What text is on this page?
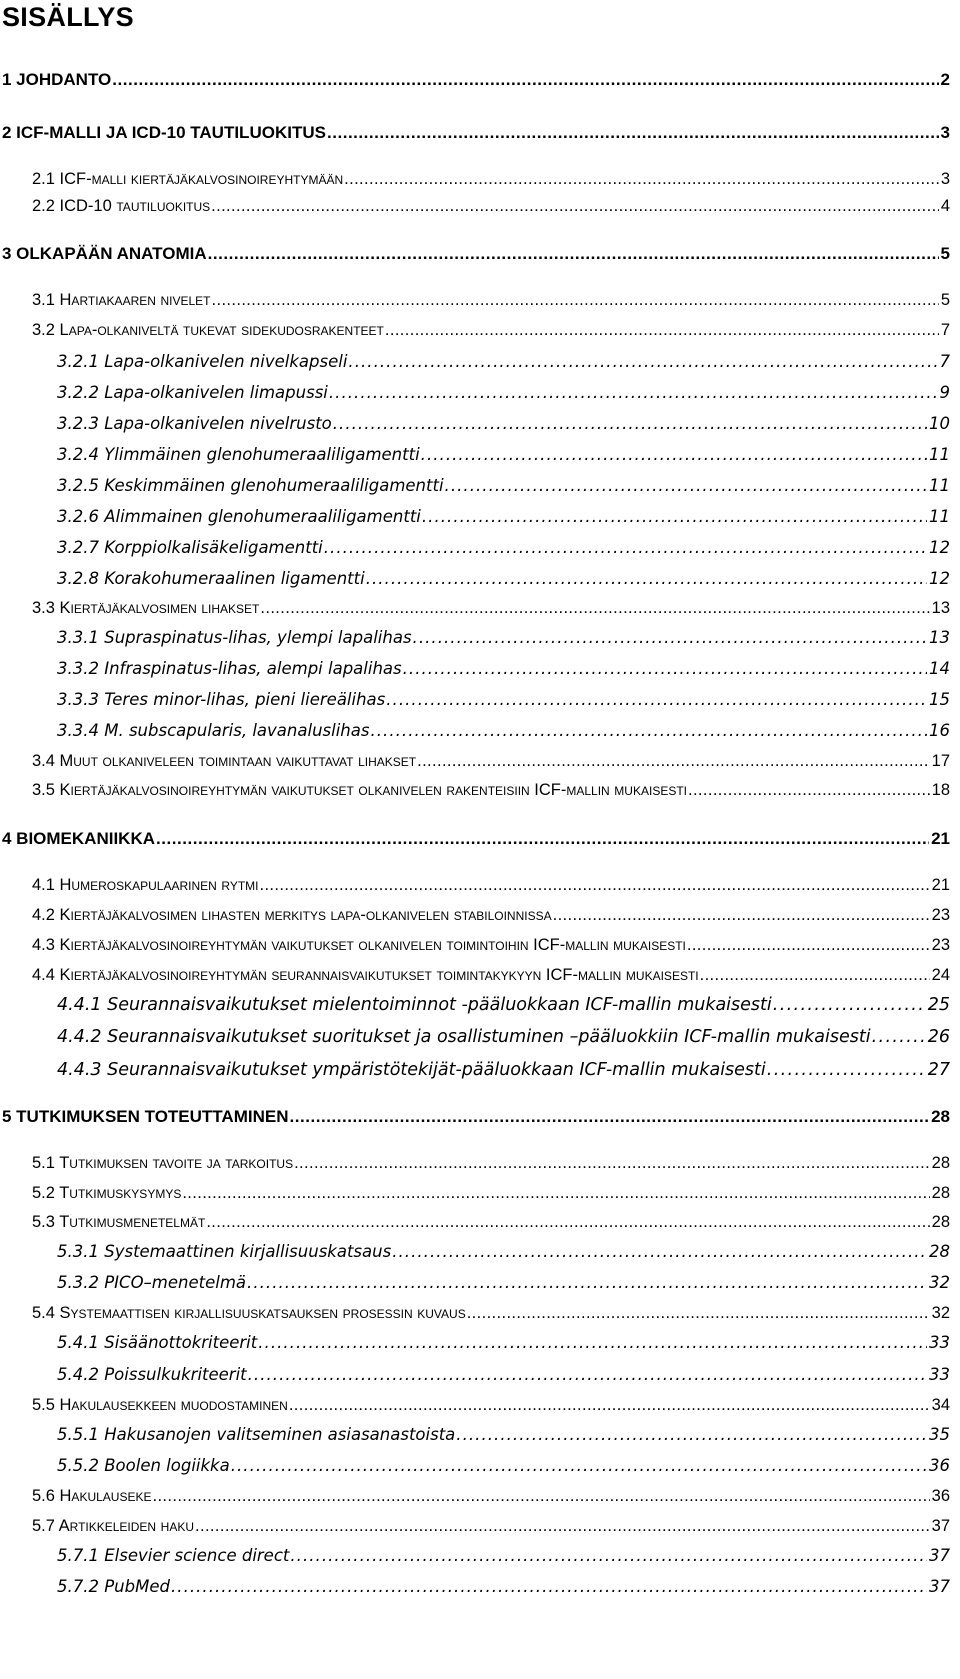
SISÄLLYS
1 JOHDANTO . . .	2
2 ICF-MALLI JA ICD-10 TAUTILUOKITUS . . .	3
2.1 ICF-malli kiertäjäkalvosinoireyhtymään . . .	3
2.2 ICD-10 tautiluokitus . . .	4
3 OLKAPÄÄN ANATOMIA . . .	5
3.1 Hartiakaaren nivelet . . .	5
3.2 Lapa-olkaniveltä tukevat sidekudosrakenteet . . .	7
3.2.1 Lapa-olkanivelen nivelkapseli . . .	7
3.2.2 Lapa-olkanivelen limapussi . . .	9
3.2.3 Lapa-olkanivelen nivelrusto . . .	10
3.2.4 Ylimmäinen glenohumeraaliligamentti . . .	11
3.2.5 Keskimmäinen glenohumeraaliligamentti . . .	11
3.2.6 Alimmainen glenohumeraaliligamentti . . .	11
3.2.7 Korppiolkalisäkeligamentti . . .	12
3.2.8 Korakohumeraalinen ligamentti . . .	12
3.3 Kiertäjäkalvosimen lihakset . . .	13
3.3.1 Supraspinatus-lihas, ylempi lapalihas . . .	13
3.3.2 Infraspinatus-lihas, alempi lapalihas . . .	14
3.3.3 Teres minor-lihas, pieni liereälihas . . .	15
3.3.4 M. subscapularis, lavanaluslihas . . .	16
3.4 Muut olkaniveleen toimintaan vaikuttavat lihakset . . .	17
3.5 Kiertäjäkalvosinoireyhtymän vaikutukset olkanivelen rakenteisiin ICF-mallin mukaisesti . . .	18
4 BIOMEKANIIKKA . . .	21
4.1 Humeroskapulaarinen rytmi . . .	21
4.2 Kiertäjäkalvosimen lihasten merkitys lapa-olkanivelen stabiloinnissa . . .	23
4.3 Kiertäjäkalvosinoireyhtymän vaikutukset olkanivelen toimintoihin ICF-mallin mukaisesti . . .	23
4.4 Kiertäjäkalvosinoireyhtymän seurannaisvaikutukset toimintakykyyn ICF-mallin mukaisesti . . .	24
4.4.1 Seurannaisvaikutukset mielentoiminnot -pääluokkaan ICF-mallin mukaisesti . . .	25
4.4.2 Seurannaisvaikutukset suoritukset ja osallistuminen –pääluokkiin ICF-mallin mukaisesti . . .	26
4.4.3 Seurannaisvaikutukset ympäristötekijät-pääluokkaan ICF-mallin mukaisesti . . .	27
5 TUTKIMUKSEN TOTEUTTAMINEN . . .	28
5.1 Tutkimuksen tavoite ja tarkoitus . . .	28
5.2 Tutkimuskysymys . . .	28
5.3 Tutkimusmenetelmät . . .	28
5.3.1 Systemaattinen kirjallisuuskatsaus . . .	28
5.3.2 PICO–menetelmä . . .	32
5.4 Systemaattisen kirjallisuuskatsauksen prosessin kuvaus . . .	32
5.4.1 Sisäänottokriteerit . . .	33
5.4.2 Poissulkukriteerit . . .	33
5.5 Hakulausekkeen muodostaminen . . .	34
5.5.1 Hakusanojen valitseminen asiasanastoista . . .	35
5.5.2 Boolen logiikka . . .	36
5.6 Hakulauseke . . .	36
5.7 Artikkeleiden haku . . .	37
5.7.1 Elsevier science direct . . .	37
5.7.2 PubMed . . .	37
